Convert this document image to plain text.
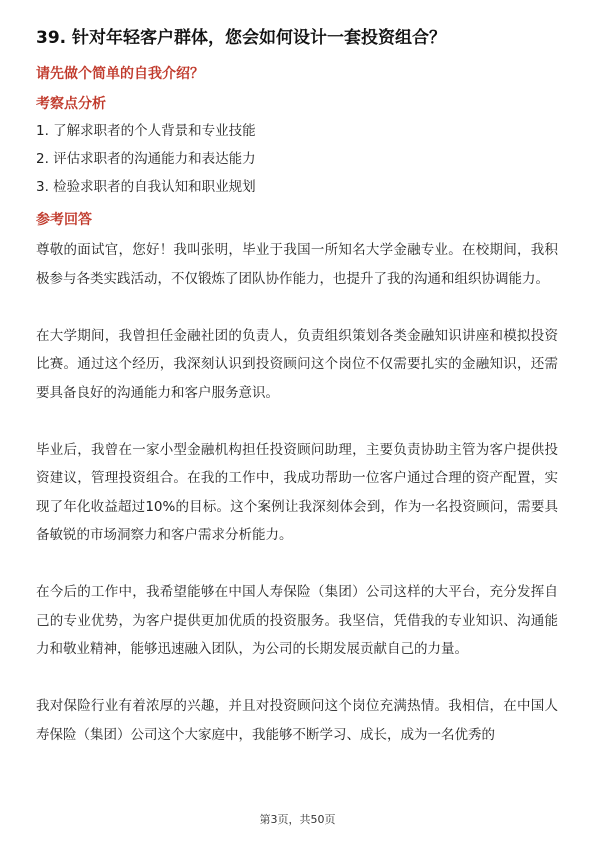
39. 针对年轻客户群体，您会如何设计一套投资组合？
请先做个简单的自我介绍？
考察点分析
1. 了解求职者的个人背景和专业技能
2. 评估求职者的沟通能力和表达能力
3. 检验求职者的自我认知和职业规划
参考回答

尊敬的面试官，您好！我叫张明，毕业于我国一所知名大学金融专业。在校期间，我积极参与各类实践活动，不仅锻炼了团队协作能力，也提升了我的沟通和组织协调能力。

在大学期间，我曾担任金融社团的负责人，负责组织策划各类金融知识讲座和模拟投资比赛。通过这个经历，我深刻认识到投资顾问这个岗位不仅需要扎实的金融知识，还需要具备良好的沟通能力和客户服务意识。

毕业后，我曾在一家小型金融机构担任投资顾问助理，主要负责协助主管为客户提供投资建议，管理投资组合。在我的工作中，我成功帮助一位客户通过合理的资产配置，实现了年化收益超过10%的目标。这个案例让我深刻体会到，作为一名投资顾问，需要具备敏锐的市场洞察力和客户需求分析能力。

在今后的工作中，我希望能够在中国人寿保险（集团）公司这样的大平台，充分发挥自己的专业优势，为客户提供更加优质的投资服务。我坚信，凭借我的专业知识、沟通能力和敬业精神，能够迅速融入团队，为公司的长期发展贡献自己的力量。

我对保险行业有着浓厚的兴趣，并且对投资顾问这个岗位充满热情。我相信，在中国人寿保险（集团）公司这个大家庭中，我能够不断学习、成长，成为一名优秀的

第3页，共50页
